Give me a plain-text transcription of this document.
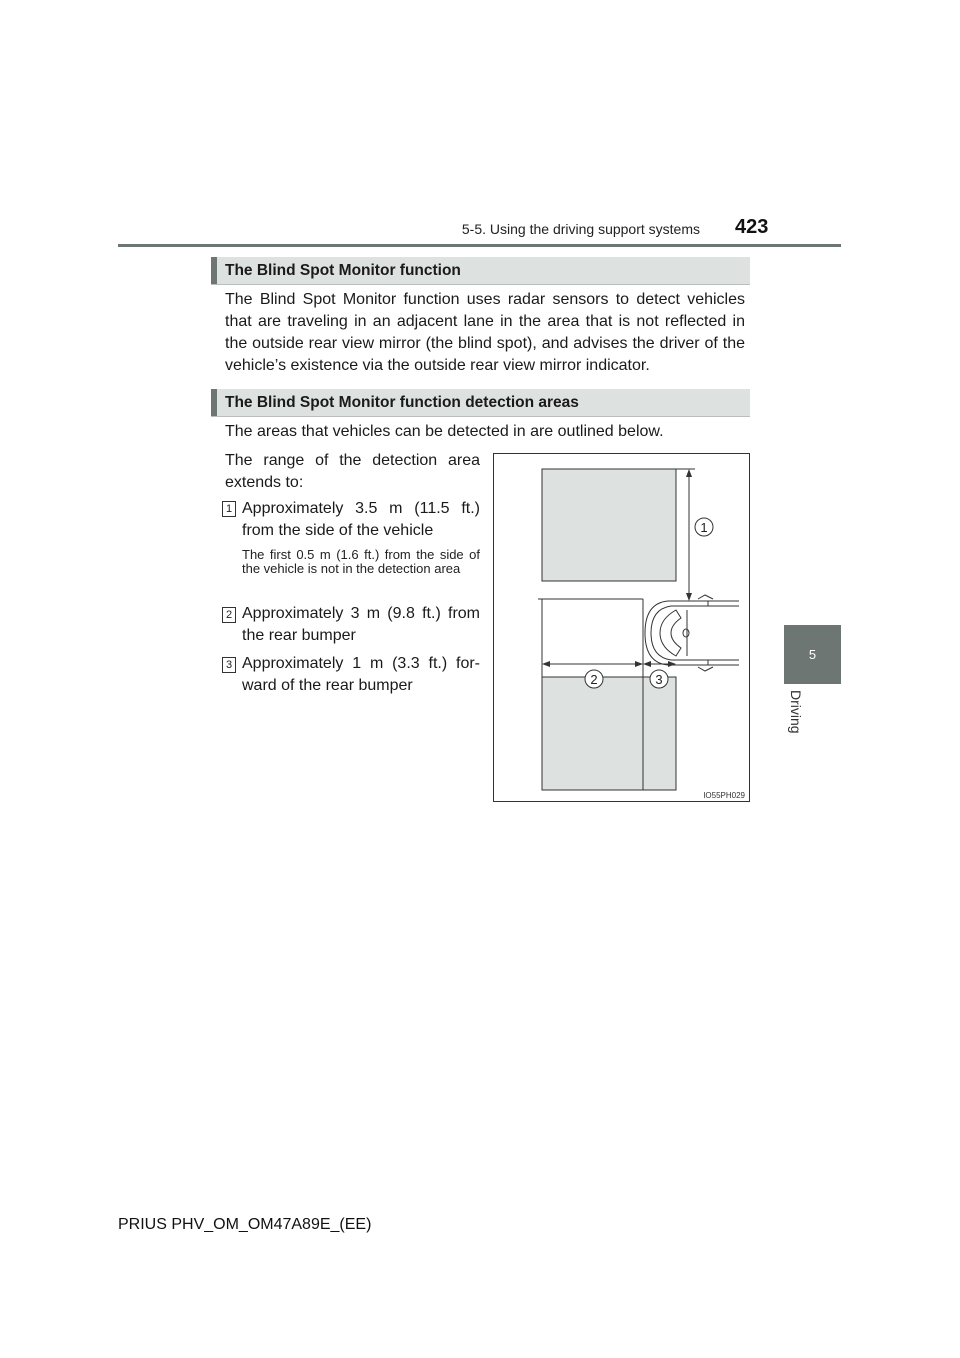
5-5. Using the driving support systems 423
5
Driving
The Blind Spot Monitor function
The Blind Spot Monitor function uses radar sensors to detect vehicles that are traveling in an adjacent lane in the area that is not reflected in the outside rear view mirror (the blind spot), and advises the driver of the vehicle’s existence via the outside rear view mirror indicator.
The Blind Spot Monitor function detection areas
The areas that vehicles can be detected in are outlined below.
The range of the detection area extends to:
1 Approximately 3.5 m (11.5 ft.) from the side of the vehicle
The first 0.5 m (1.6 ft.) from the side of the vehicle is not in the detection area
2 Approximately 3 m (9.8 ft.) from the rear bumper
3 Approximately 1 m (3.3 ft.) for- ward of the rear bumper
1
2	3
IO55PH029
PRIUS PHV_OM_OM47A89E_(EE)
